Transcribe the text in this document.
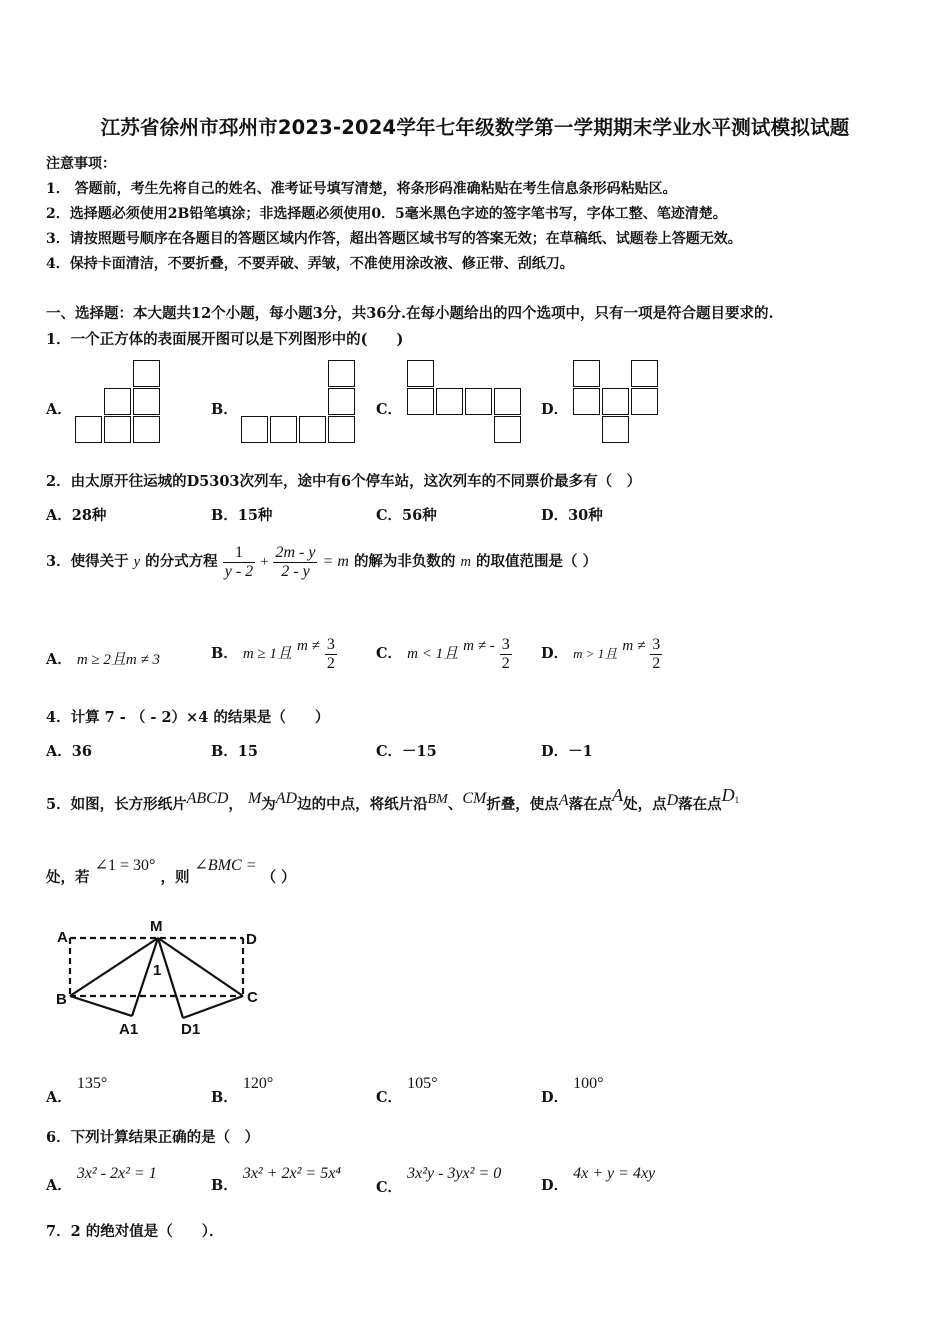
江苏省徐州市邳州市2023-2024学年七年级数学第一学期期末学业水平测试模拟试题
注意事项：
1． 答题前，考生先将自己的姓名、准考证号填写清楚，将条形码准确粘贴在考生信息条形码粘贴区。
2．选择题必须使用2B铅笔填涂；非选择题必须使用0．5毫米黑色字迹的签字笔书写，字体工整、笔迹清楚。
3．请按照题号顺序在各题目的答题区域内作答，超出答题区域书写的答案无效；在草稿纸、试题卷上答题无效。
4．保持卡面清洁，不要折叠，不要弄破、弄皱，不准使用涂改液、修正带、刮纸刀。
一、选择题：本大题共12个小题，每小题3分，共36分.在每小题给出的四个选项中，只有一项是符合题目要求的.
1．一个正方体的表面展开图可以是下列图形中的(　　)
A．	B．	C．	D．
2．由太原开往运城的D5303次列车，途中有6个停车站，这次列车的不同票价最多有（　）
A．28种	B．15种	C．56种	D．30种
3．使得关于 y 的分式方程 $\frac{1}{y - 2} + \frac{2m - y}{2 - y} = m$ 的解为非负数的 m 的取值范围是（ ）
A． m ≥ 2且m ≠ 3	B． m ≥ 1且 $m \ne \frac{3}{2}$	C． m < 1且 m ≠ - $\frac{3}{2}$ D． m > 1且 $m \ne \frac{3}{2}$
4．计算 7 - （ - 2）×4 的结果是（　　）
A．36	B．15	C．－15	D．－1
5．如图，长方形纸片ABCD， M为AD边的中点，将纸片沿BM、CM折叠，使点A落在点A处，点D落在点$D^1$
处，若 ∠1 = 30° ，则 ∠BMC = （ ）
A
M
D
B	C
A1	D1
1
A． 135°
B． 120°
C． 105°
D． 100°
6．下列计算结果正确的是（　）
A． 3x² - 2x² = 1
B． 3x² + 2x² = 5x⁴
C． 3x²y - 3yx² = 0
D． 4x + y = 4xy
7．2 的绝对值是（　　）．
